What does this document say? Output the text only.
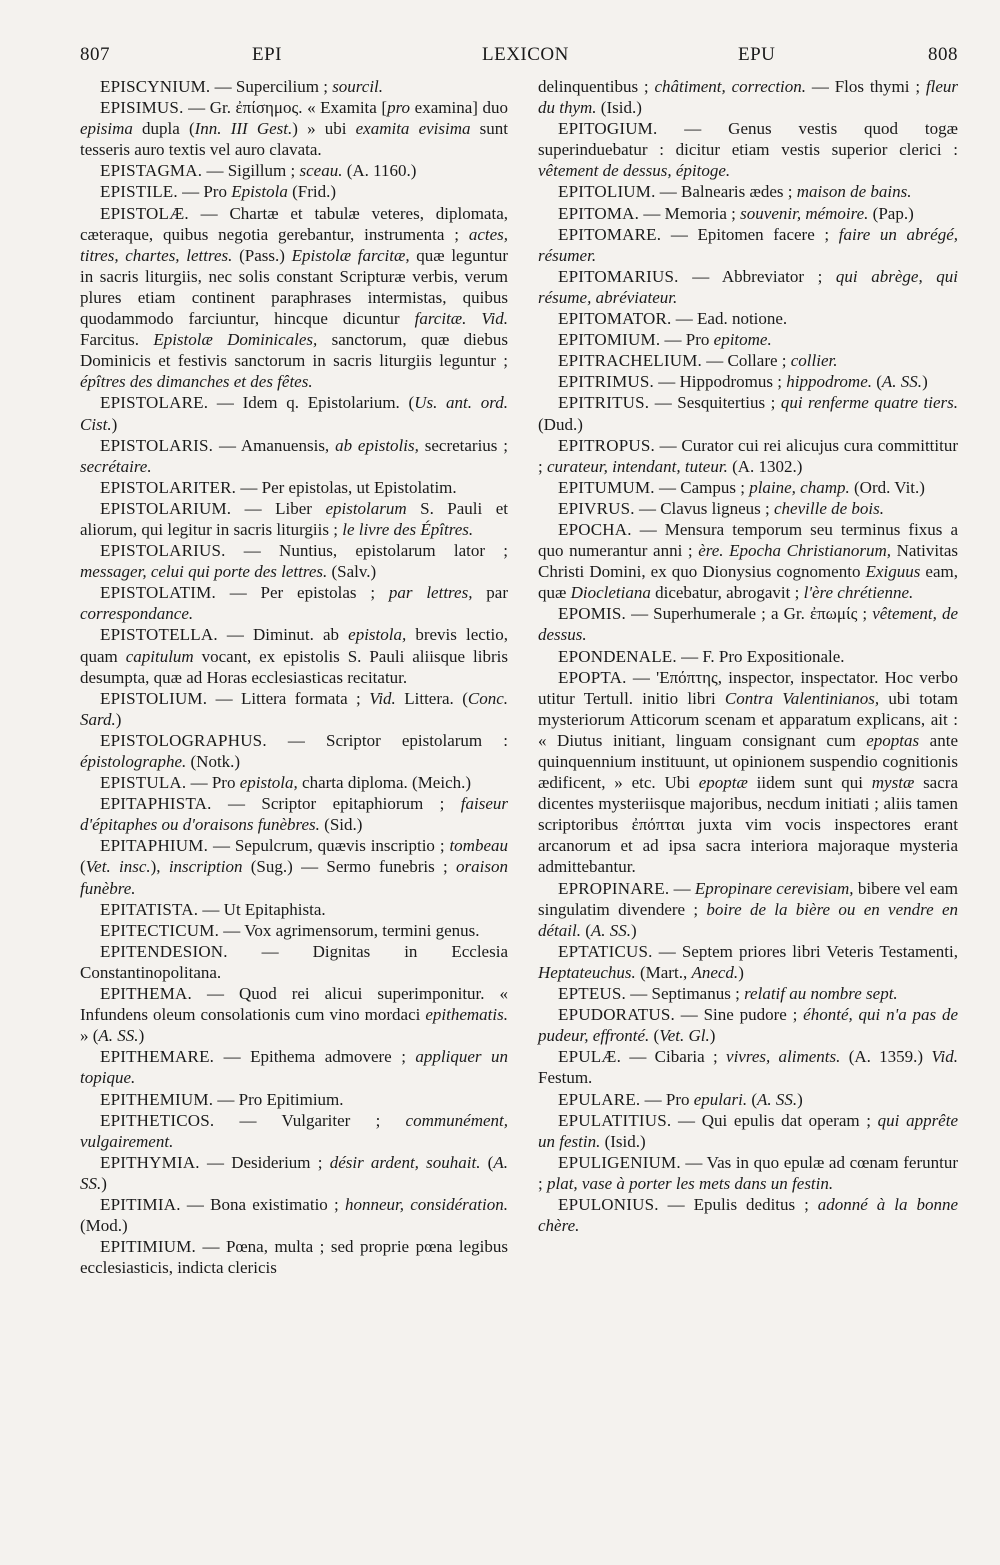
807	EPI	LEXICON	EPU	808

EPISCYNIUM. — Supercilium ; sourcil.

EPISIMUS. — Gr. ἐπίσημος. « Examita [pro examina] duo episima dupla (Inn. III Gest.) » ubi examita evisima sunt tesseris auro textis vel auro clavata.

EPISTAGMA. — Sigillum ; sceau. (A. 1160.)

EPISTILE. — Pro Epistola (Frid.)

EPISTOLÆ. — Chartæ et tabulæ veteres, diplomata, cæteraque, quibus negotia gerebantur, instrumenta ; actes, titres, chartes, lettres. (Pass.) Epistolæ farcitæ, quæ leguntur in sacris liturgiis, nec solis constant Scripturæ verbis, verum plures etiam continent paraphrases intermistas, quibus quodammodo farciuntur, hincque dicuntur farcitæ. Vid. Farcitus. Epistolæ Dominicales, sanctorum, quæ diebus Dominicis et festivis sanctorum in sacris liturgiis leguntur ; épîtres des dimanches et des fêtes.

EPISTOLARE. — Idem q. Epistolarium. (Us. ant. ord. Cist.)

EPISTOLARIS. — Amanuensis, ab epistolis, secretarius ; secrétaire.

EPISTOLARITER. — Per epistolas, ut Epistolatim.

EPISTOLARIUM. — Liber epistolarum S. Pauli et aliorum, qui legitur in sacris liturgiis ; le livre des Épîtres.

EPISTOLARIUS. — Nuntius, epistolarum lator ; messager, celui qui porte des lettres. (Salv.)

EPISTOLATIM. — Per epistolas ; par lettres, par correspondance.

EPISTOTELLA. — Diminut. ab epistola, brevis lectio, quam capitulum vocant, ex epistolis S. Pauli aliisque libris desumpta, quæ ad Horas ecclesiasticas recitatur.

EPISTOLIUM. — Littera formata ; Vid. Littera. (Conc. Sard.)

EPISTOLOGRAPHUS. — Scriptor epistolarum : épistolographe. (Notk.)

EPISTULA. — Pro epistola, charta diploma. (Meich.)

EPITAPHISTA. — Scriptor epitaphiorum ; faiseur d'épitaphes ou d'oraisons funèbres. (Sid.)

EPITAPHIUM. — Sepulcrum, quævis inscriptio ; tombeau (Vet. insc.), inscription (Sug.) — Sermo funebris ; oraison funèbre.

EPITATISTA. — Ut Epitaphista.

EPITECTICUM. — Vox agrimensorum, termini genus.

EPITENDESION. — Dignitas in Ecclesia Constantinopolitana.

EPITHEMA. — Quod rei alicui superimponitur. « Infundens oleum consolationis cum vino mordaci epithematis. » (A. SS.)

EPITHEMARE. — Epithema admovere ; appliquer un topique.

EPITHEMIUM. — Pro Epitimium.

EPITHETICOS. — Vulgariter ; communément, vulgairement.

EPITHYMIA. — Desiderium ; désir ardent, souhait. (A. SS.)

EPITIMIA. — Bona existimatio ; honneur, considération. (Mod.)

EPITIMIUM. — Pœna, multa ; sed proprie pœna legibus ecclesiasticis, indicta clericis

delinquentibus ; châtiment, correction. — Flos thymi ; fleur du thym. (Isid.)

EPITOGIUM. — Genus vestis quod togæ superinduebatur : dicitur etiam vestis superior clerici : vêtement de dessus, épitoge.

EPITOLIUM. — Balnearis ædes ; maison de bains.

EPITOMA. — Memoria ; souvenir, mémoire. (Pap.)

EPITOMARE. — Epitomen facere ; faire un abrégé, résumer.

EPITOMARIUS. — Abbreviator ; qui abrège, qui résume, abréviateur.

EPITOMATOR. — Ead. notione.

EPITOMIUM. — Pro epitome.

EPITRACHELIUM. — Collare ; collier.

EPITRIMUS. — Hippodromus ; hippodrome. (A. SS.)

EPITRITUS. — Sesquitertius ; qui renferme quatre tiers. (Dud.)

EPITROPUS. — Curator cui rei alicujus cura committitur ; curateur, intendant, tuteur. (A. 1302.)

EPITUMUM. — Campus ; plaine, champ. (Ord. Vit.)

EPIVRUS. — Clavus ligneus ; cheville de bois.

EPOCHA. — Mensura temporum seu terminus fixus a quo numerantur anni ; ère. Epocha Christianorum, Nativitas Christi Domini, ex quo Dionysius cognomento Exiguus eam, quæ Diocletiana dicebatur, abrogavit ; l'ère chrétienne.

EPOMIS. — Superhumerale ; a Gr. ἐπωμίς ; vêtement, de dessus.

EPONDENALE. — F. Pro Expositionale.

EPOPTA. — 'Επόπτης, inspector, inspectator. Hoc verbo utitur Tertull. initio libri Contra Valentinianos, ubi totam mysteriorum Atticorum scenam et apparatum explicans, ait : « Diutus initiant, linguam consignant cum epoptas ante quinquennium instituunt, ut opinionem suspendio cognitionis ædificent, » etc. Ubi epoptæ iidem sunt qui mystæ sacra dicentes mysteriisque majoribus, necdum initiati ; aliis tamen scriptoribus ἐπόπται juxta vim vocis inspectores erant arcanorum et ad ipsa sacra interiora majoraque mysteria admittebantur.

EPROPINARE. — Epropinare cerevisiam, bibere vel eam singulatim divendere ; boire de la bière ou en vendre en détail. (A. SS.)

EPTATICUS. — Septem priores libri Veteris Testamenti, Heptateuchus. (Mart., Anecd.)

EPTEUS. — Septimanus ; relatif au nombre sept.

EPUDORATUS. — Sine pudore ; éhonté, qui n'a pas de pudeur, effronté. (Vet. Gl.)

EPULÆ. — Cibaria ; vivres, aliments. (A. 1359.) Vid. Festum.

EPULARE. — Pro epulari. (A. SS.)

EPULATITIUS. — Qui epulis dat operam ; qui apprête un festin. (Isid.)

EPULIGENIUM. — Vas in quo epulæ ad cœnam feruntur ; plat, vase à porter les mets dans un festin.

EPULONIUS. — Epulis deditus ; adonné à la bonne chère.
